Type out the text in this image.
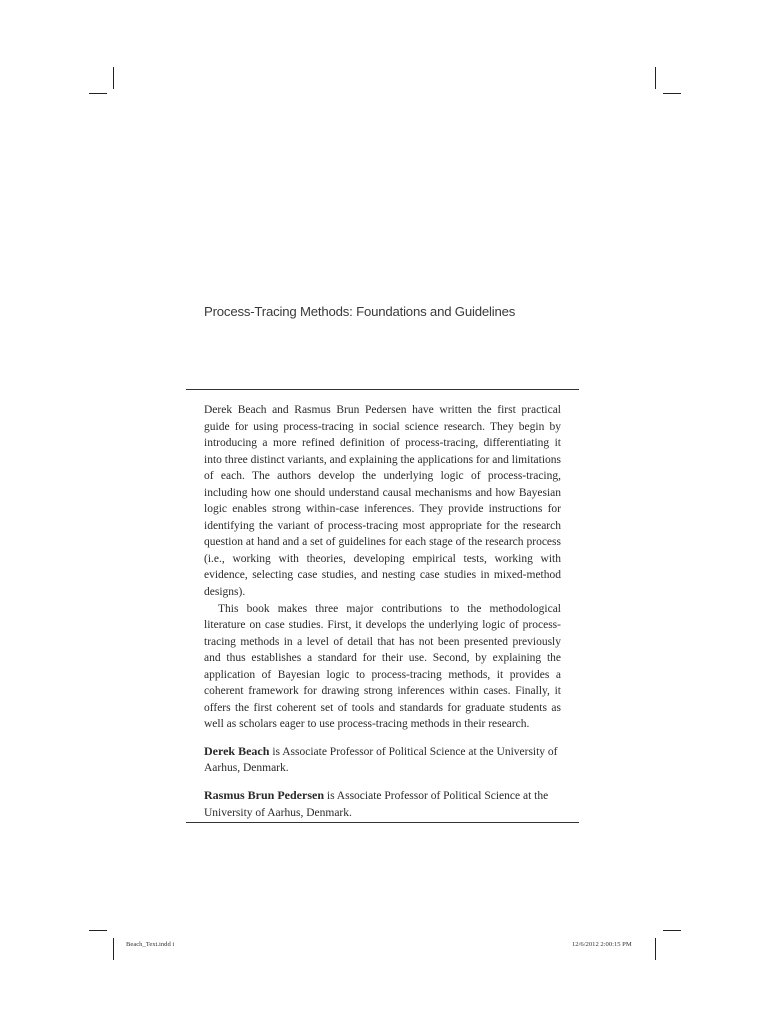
Process-Tracing Methods: Foundations and Guidelines

Derek Beach and Rasmus Brun Pedersen have written the first practical guide for using process-tracing in social science research. They begin by introducing a more refined definition of process-tracing, differentiating it into three distinct variants, and explaining the applications for and limitations of each. The authors develop the underlying logic of process-tracing, including how one should understand causal mechanisms and how Bayesian logic enables strong within-case inferences. They provide instructions for identifying the variant of process-tracing most appropriate for the research question at hand and a set of guidelines for each stage of the research process (i.e., working with theories, developing empirical tests, working with evidence, selecting case studies, and nesting case studies in mixed-method designs).

This book makes three major contributions to the methodological literature on case studies. First, it develops the underlying logic of process-tracing methods in a level of detail that has not been presented previously and thus establishes a standard for their use. Second, by explaining the application of Bayesian logic to process-tracing methods, it provides a coherent framework for drawing strong inferences within cases. Finally, it offers the first coherent set of tools and standards for graduate students as well as scholars eager to use process-tracing methods in their research.

Derek Beach is Associate Professor of Political Science at the University of Aarhus, Denmark.

Rasmus Brun Pedersen is Associate Professor of Political Science at the University of Aarhus, Denmark.

Beach_Text.indd i	12/6/2012 2:00:15 PM
